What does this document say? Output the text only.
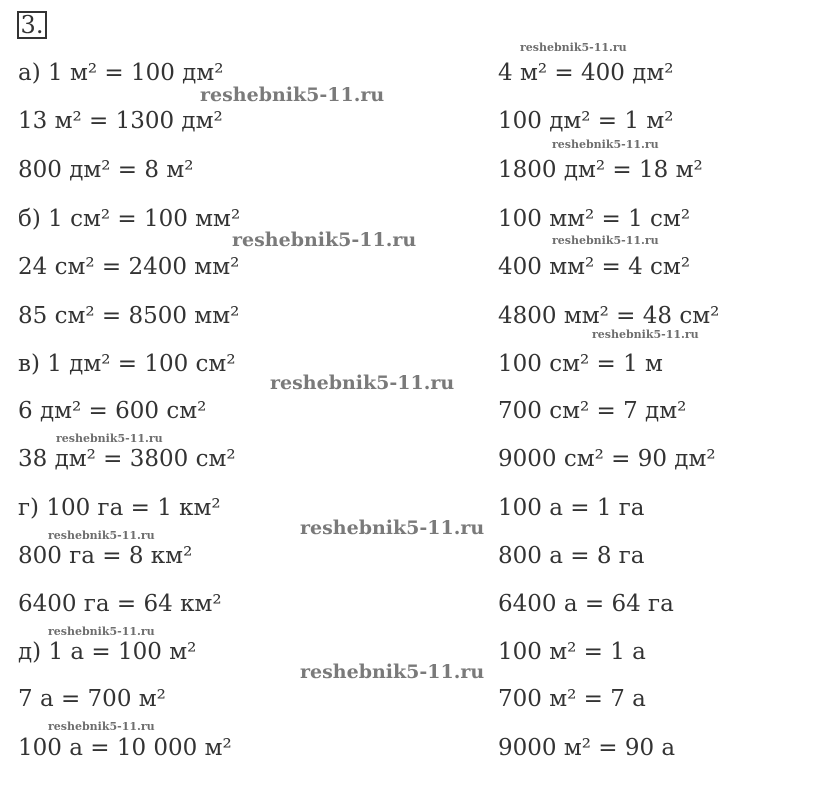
3.
а) 1 м² = 100 дм²
13 м² = 1300 дм²
800 дм² = 8 м²
б) 1 см² = 100 мм²
24 см² = 2400 мм²
85 см² = 8500 мм²
в) 1 дм² = 100 см²
6 дм² = 600 см²
38 дм² = 3800 см²
г) 100 га = 1 км²
800 га = 8 км²
6400 га = 64 км²
д) 1 а = 100 м²
7 а = 700 м²
100 а = 10 000 м²
4 м² = 400 дм²
100 дм² = 1 м²
1800 дм² = 18 м²
100 мм² = 1 см²
400 мм² = 4 см²
4800 мм² = 48 см²
100 см² = 1 м
700 см² = 7 дм²
9000 см² = 90 дм²
100 а = 1 га
800 а = 8 га
6400 а = 64 га
100 м² = 1 а
700 м² = 7 а
9000 м² = 90 а
reshebnik5-11.ru
reshebnik5-11.ru
reshebnik5-11.ru
reshebnik5-11.ru
reshebnik5-11.ru
reshebnik5-11.ru
reshebnik5-11.ru
reshebnik5-11.ru
reshebnik5-11.ru
reshebnik5-11.ru
reshebnik5-11.ru
reshebnik5-11.ru
reshebnik5-11.ru
